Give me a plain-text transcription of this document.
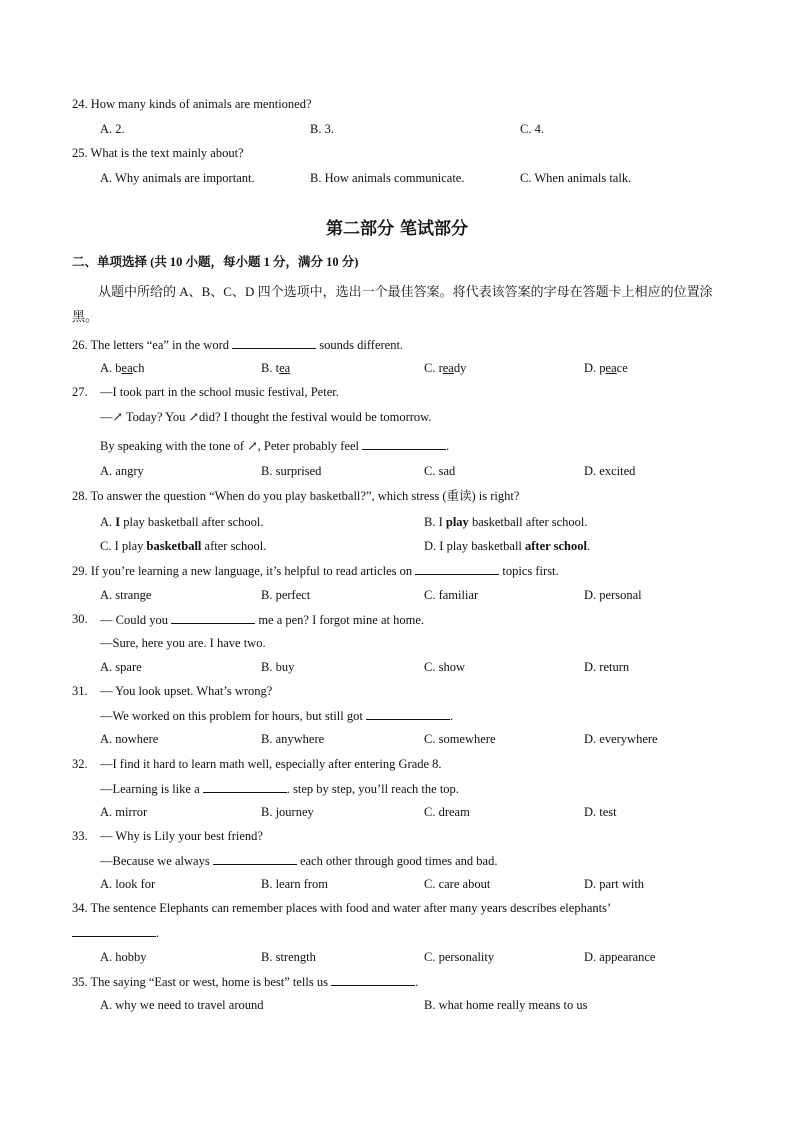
24. How many kinds of animals are mentioned?
A. 2.	B. 3.	C. 4.
25. What is the text mainly about?
A. Why animals are important.	B. How animals communicate.	C. When animals talk.
第二部分 笔试部分
二、单项选择 (共 10 小题，每小题 1 分，满分 10 分)
从题中所给的 A、B、C、D 四个选项中，选出一个最佳答案。将代表该答案的字母在答题卡上相应的位置涂黑。
26. The letters “ea” in the word	sounds different.
A. beach	B. tea	C. ready	D. peace
27. —I took part in the school music festival, Peter.
—↗ Today? You ↗did? I thought the festival would be tomorrow.
By speaking with the tone of ↗, Peter probably feel	.
A. angry	B. surprised	C. sad	D. excited
28. To answer the question “When do you play basketball?”, which stress (重读) is right?
A. I play basketball after school.	B. I play basketball after school.
C. I play basketball after school.	D. I play basketball after school.
29. If you’re learning a new language, it’s helpful to read articles on	topics first.
A. strange	B. perfect	C. familiar	D. personal
30. — Could you	me a pen? I forgot mine at home.
—Sure, here you are. I have two.
A. spare	B. buy	C. show	D. return
31. — You look upset. What’s wrong?
—We worked on this problem for hours, but still got	.
A. nowhere	B. anywhere	C. somewhere	D. everywhere
32. —I find it hard to learn math well, especially after entering Grade 8.
—Learning is like a	. step by step, you’ll reach the top.
A. mirror	B. journey	C. dream	D. test
33. — Why is Lily your best friend?
—Because we always	each other through good times and bad.
A. look for	B. learn from	C. care about	D. part with
34. The sentence Elephants can remember places with food and water after many years describes elephants’
.
A. hobby	B. strength	C. personality	D. appearance
35. The saying “East or west, home is best” tells us	.
A. why we need to travel around	B. what home really means to us
